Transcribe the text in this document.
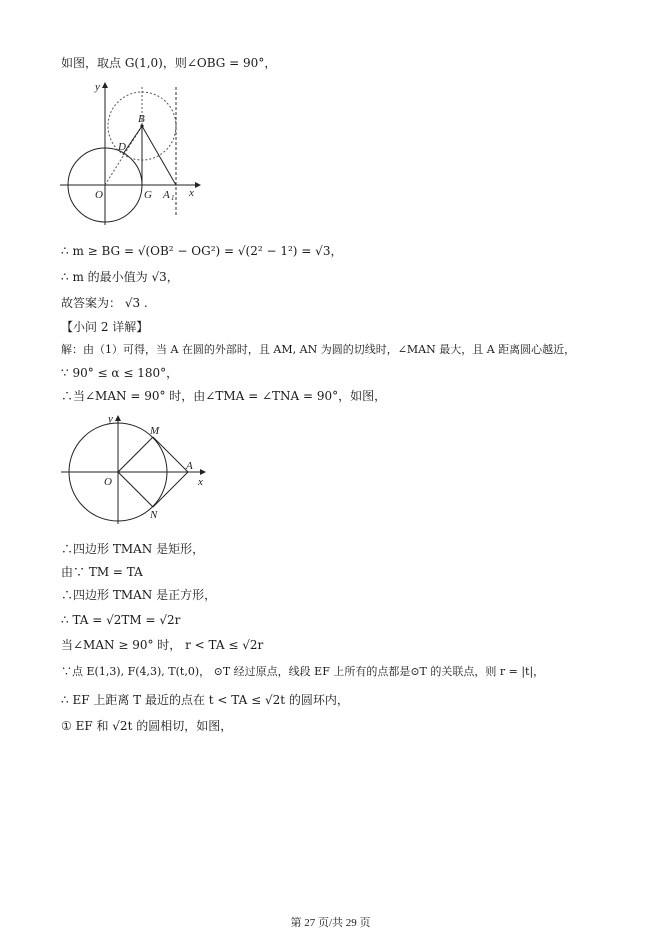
如图，取点 G(1,0)，则∠OBG = 90°，
y
x
O	G A 1
B
D
∴ m ≥ BG = √(OB² − OG²) = √(2² − 1²) = √3，
∴ m 的最小值为 √3，
故答案为： √3 .
【小问 2 详解】
解：由（1）可得，当 A 在圆的外部时，且 AM, AN 为圆的切线时，∠MAN 最大，且 A 距离圆心越近，
∵ 90° ≤ α ≤ 180°，
∴当∠MAN = 90° 时，由∠TMA = ∠TNA = 90°，如图，
y
x
O
M
N
A
∴四边形 TMAN 是矩形，
由∵ TM = TA
∴四边形 TMAN 是正方形，
∴ TA = √2TM = √2r
当∠MAN ≥ 90° 时， r < TA ≤ √2r
∵点 E(1,3), F(4,3), T(t,0)， ⊙T 经过原点，线段 EF 上所有的点都是⊙T 的关联点，则 r = |t|，
∴ EF 上距离 T 最近的点在 t < TA ≤ √2t 的圆环内，
① EF 和 √2t 的圆相切，如图，
第 27 页/共 29 页
